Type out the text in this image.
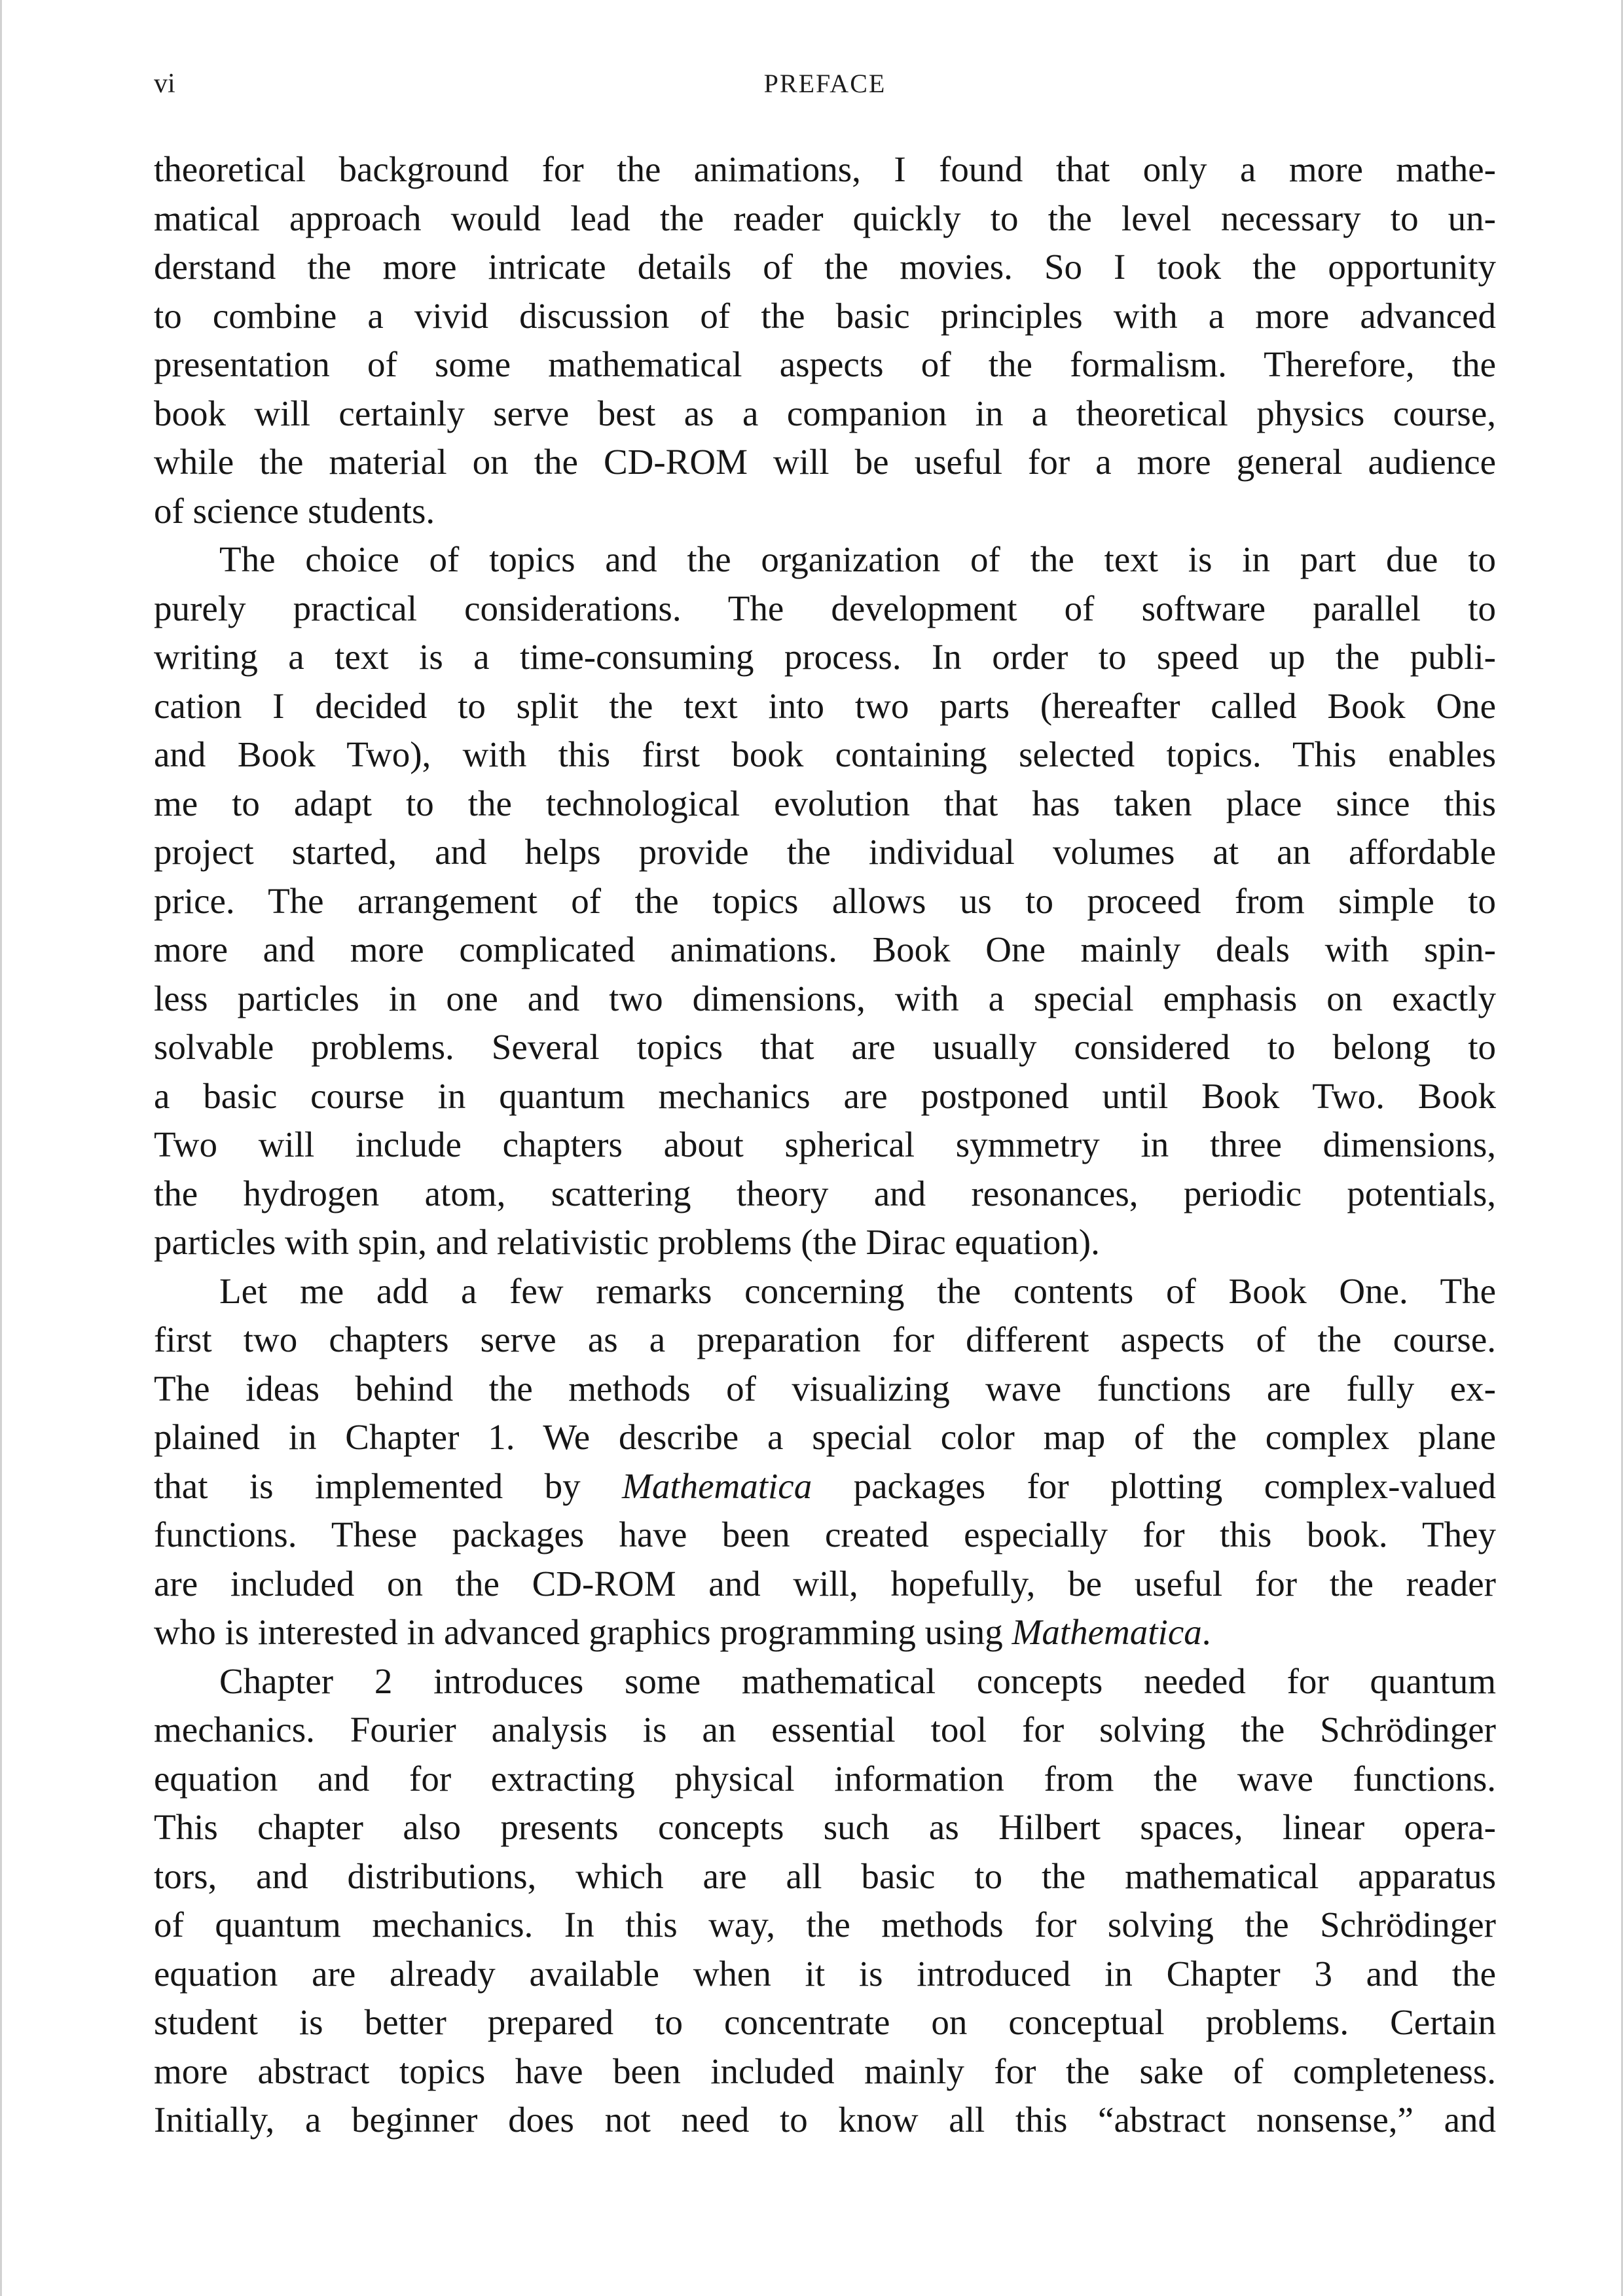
vi	PREFACE

theoretical background for the animations, I found that only a more mathe-
matical approach would lead the reader quickly to the level necessary to un-
derstand the more intricate details of the movies. So I took the opportunity
to combine a vivid discussion of the basic principles with a more advanced
presentation of some mathematical aspects of the formalism. Therefore, the
book will certainly serve best as a companion in a theoretical physics course,
while the material on the CD-ROM will be useful for a more general audience
of science students.

The choice of topics and the organization of the text is in part due to
purely practical considerations. The development of software parallel to
writing a text is a time-consuming process. In order to speed up the publi-
cation I decided to split the text into two parts (hereafter called Book One
and Book Two), with this first book containing selected topics. This enables
me to adapt to the technological evolution that has taken place since this
project started, and helps provide the individual volumes at an affordable
price. The arrangement of the topics allows us to proceed from simple to
more and more complicated animations. Book One mainly deals with spin-
less particles in one and two dimensions, with a special emphasis on exactly
solvable problems. Several topics that are usually considered to belong to
a basic course in quantum mechanics are postponed until Book Two. Book
Two will include chapters about spherical symmetry in three dimensions,
the hydrogen atom, scattering theory and resonances, periodic potentials,
particles with spin, and relativistic problems (the Dirac equation).

Let me add a few remarks concerning the contents of Book One. The
first two chapters serve as a preparation for different aspects of the course.
The ideas behind the methods of visualizing wave functions are fully ex-
plained in Chapter 1. We describe a special color map of the complex plane
that is implemented by Mathematica packages for plotting complex-valued
functions. These packages have been created especially for this book. They
are included on the CD-ROM and will, hopefully, be useful for the reader
who is interested in advanced graphics programming using Mathematica.

Chapter 2 introduces some mathematical concepts needed for quantum
mechanics. Fourier analysis is an essential tool for solving the Schrödinger
equation and for extracting physical information from the wave functions.
This chapter also presents concepts such as Hilbert spaces, linear opera-
tors, and distributions, which are all basic to the mathematical apparatus
of quantum mechanics. In this way, the methods for solving the Schrödinger
equation are already available when it is introduced in Chapter 3 and the
student is better prepared to concentrate on conceptual problems. Certain
more abstract topics have been included mainly for the sake of completeness.
Initially, a beginner does not need to know all this “abstract nonsense,” and
